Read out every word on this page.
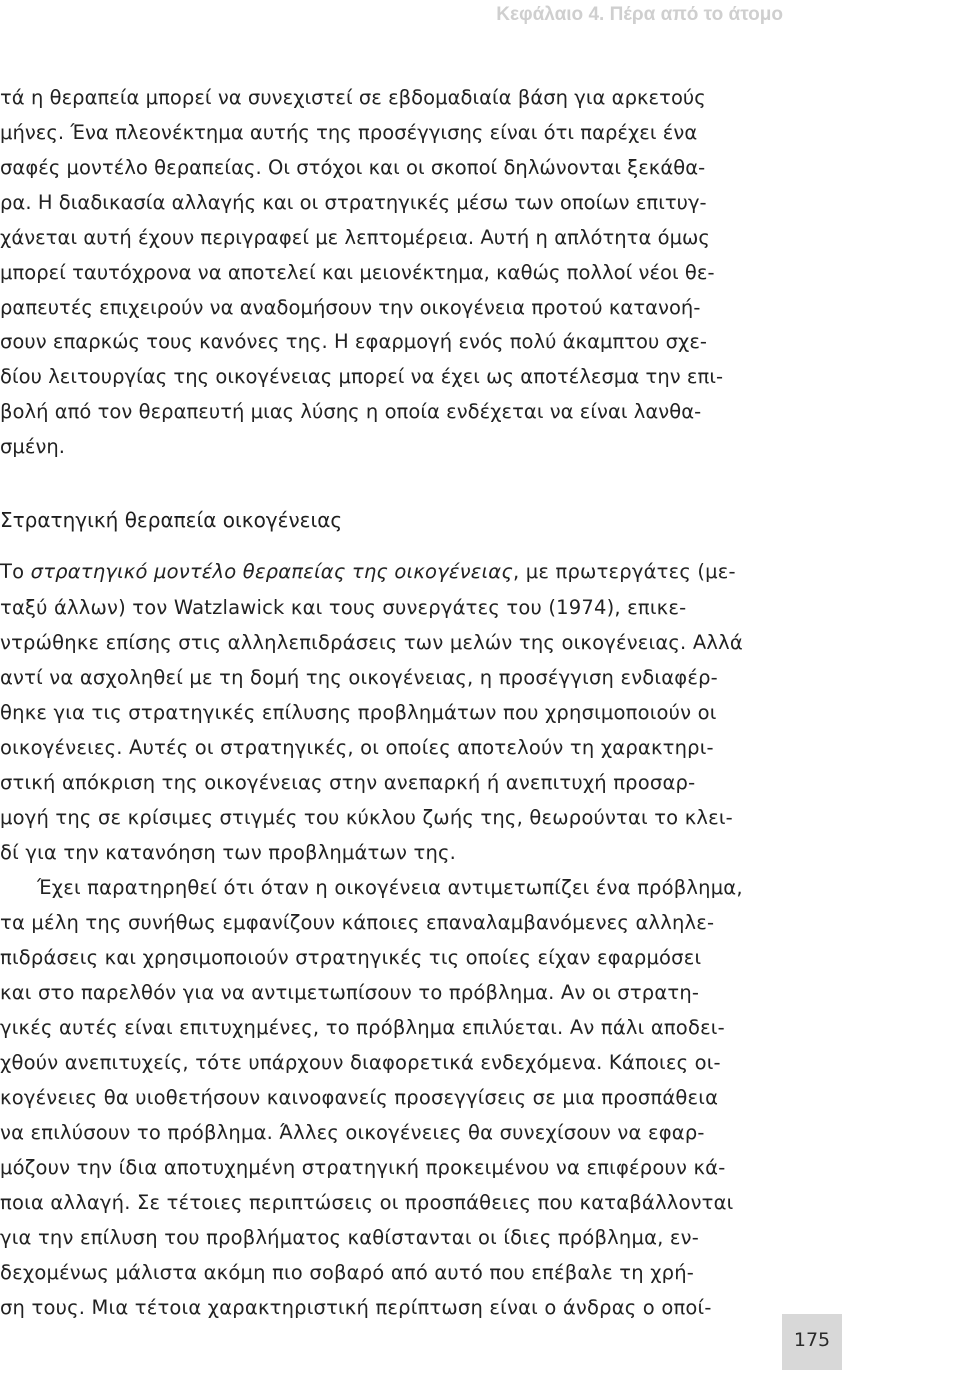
Κεφάλαιο 4. Πέρα από το άτομο
τά η θεραπεία μπορεί να συνεχιστεί σε εβδομαδιαία βάση για αρκετούς
μήνες. Ένα πλεονέκτημα αυτής της προσέγγισης είναι ότι παρέχει ένα
σαφές μοντέλο θεραπείας. Οι στόχοι και οι σκοποί δηλώνονται ξεκάθα-
ρα. Η διαδικασία αλλαγής και οι στρατηγικές μέσω των οποίων επιτυγ-
χάνεται αυτή έχουν περιγραφεί με λεπτομέρεια. Αυτή η απλότητα όμως
μπορεί ταυτόχρονα να αποτελεί και μειονέκτημα, καθώς πολλοί νέοι θε-
ραπευτές επιχειρούν να αναδομήσουν την οικογένεια προτού κατανοή-
σουν επαρκώς τους κανόνες της. Η εφαρμογή ενός πολύ άκαμπτου σχε-
δίου λειτουργίας της οικογένειας μπορεί να έχει ως αποτέλεσμα την επι-
βολή από τον θεραπευτή μιας λύσης η οποία ενδέχεται να είναι λανθα-
σμένη.
Στρατηγική θεραπεία οικογένειας
Το στρατηγικό μοντέλο θεραπείας της οικογένειας, με πρωτεργάτες (με-
ταξύ άλλων) τον Watzlawick και τους συνεργάτες του (1974), επικε-
ντρώθηκε επίσης στις αλληλεπιδράσεις των μελών της οικογένειας. Αλλά
αντί να ασχοληθεί με τη δομή της οικογένειας, η προσέγγιση ενδιαφέρ-
θηκε για τις στρατηγικές επίλυσης προβλημάτων που χρησιμοποιούν οι
οικογένειες. Αυτές οι στρατηγικές, οι οποίες αποτελούν τη χαρακτηρι-
στική απόκριση της οικογένειας στην ανεπαρκή ή ανεπιτυχή προσαρ-
μογή της σε κρίσιμες στιγμές του κύκλου ζωής της, θεωρούνται το κλει-
δί για την κατανόηση των προβλημάτων της.
Έχει παρατηρηθεί ότι όταν η οικογένεια αντιμετωπίζει ένα πρόβλημα,
τα μέλη της συνήθως εμφανίζουν κάποιες επαναλαμβανόμενες αλληλε-
πιδράσεις και χρησιμοποιούν στρατηγικές τις οποίες είχαν εφαρμόσει
και στο παρελθόν για να αντιμετωπίσουν το πρόβλημα. Αν οι στρατη-
γικές αυτές είναι επιτυχημένες, το πρόβλημα επιλύεται. Αν πάλι αποδει-
χθούν ανεπιτυχείς, τότε υπάρχουν διαφορετικά ενδεχόμενα. Κάποιες οι-
κογένειες θα υιοθετήσουν καινοφανείς προσεγγίσεις σε μια προσπάθεια
να επιλύσουν το πρόβλημα. Άλλες οικογένειες θα συνεχίσουν να εφαρ-
μόζουν την ίδια αποτυχημένη στρατηγική προκειμένου να επιφέρουν κά-
ποια αλλαγή. Σε τέτοιες περιπτώσεις οι προσπάθειες που καταβάλλονται
για την επίλυση του προβλήματος καθίστανται οι ίδιες πρόβλημα, εν-
δεχομένως μάλιστα ακόμη πιο σοβαρό από αυτό που επέβαλε τη χρή-
ση τους. Μια τέτοια χαρακτηριστική περίπτωση είναι ο άνδρας ο οποί-
175
